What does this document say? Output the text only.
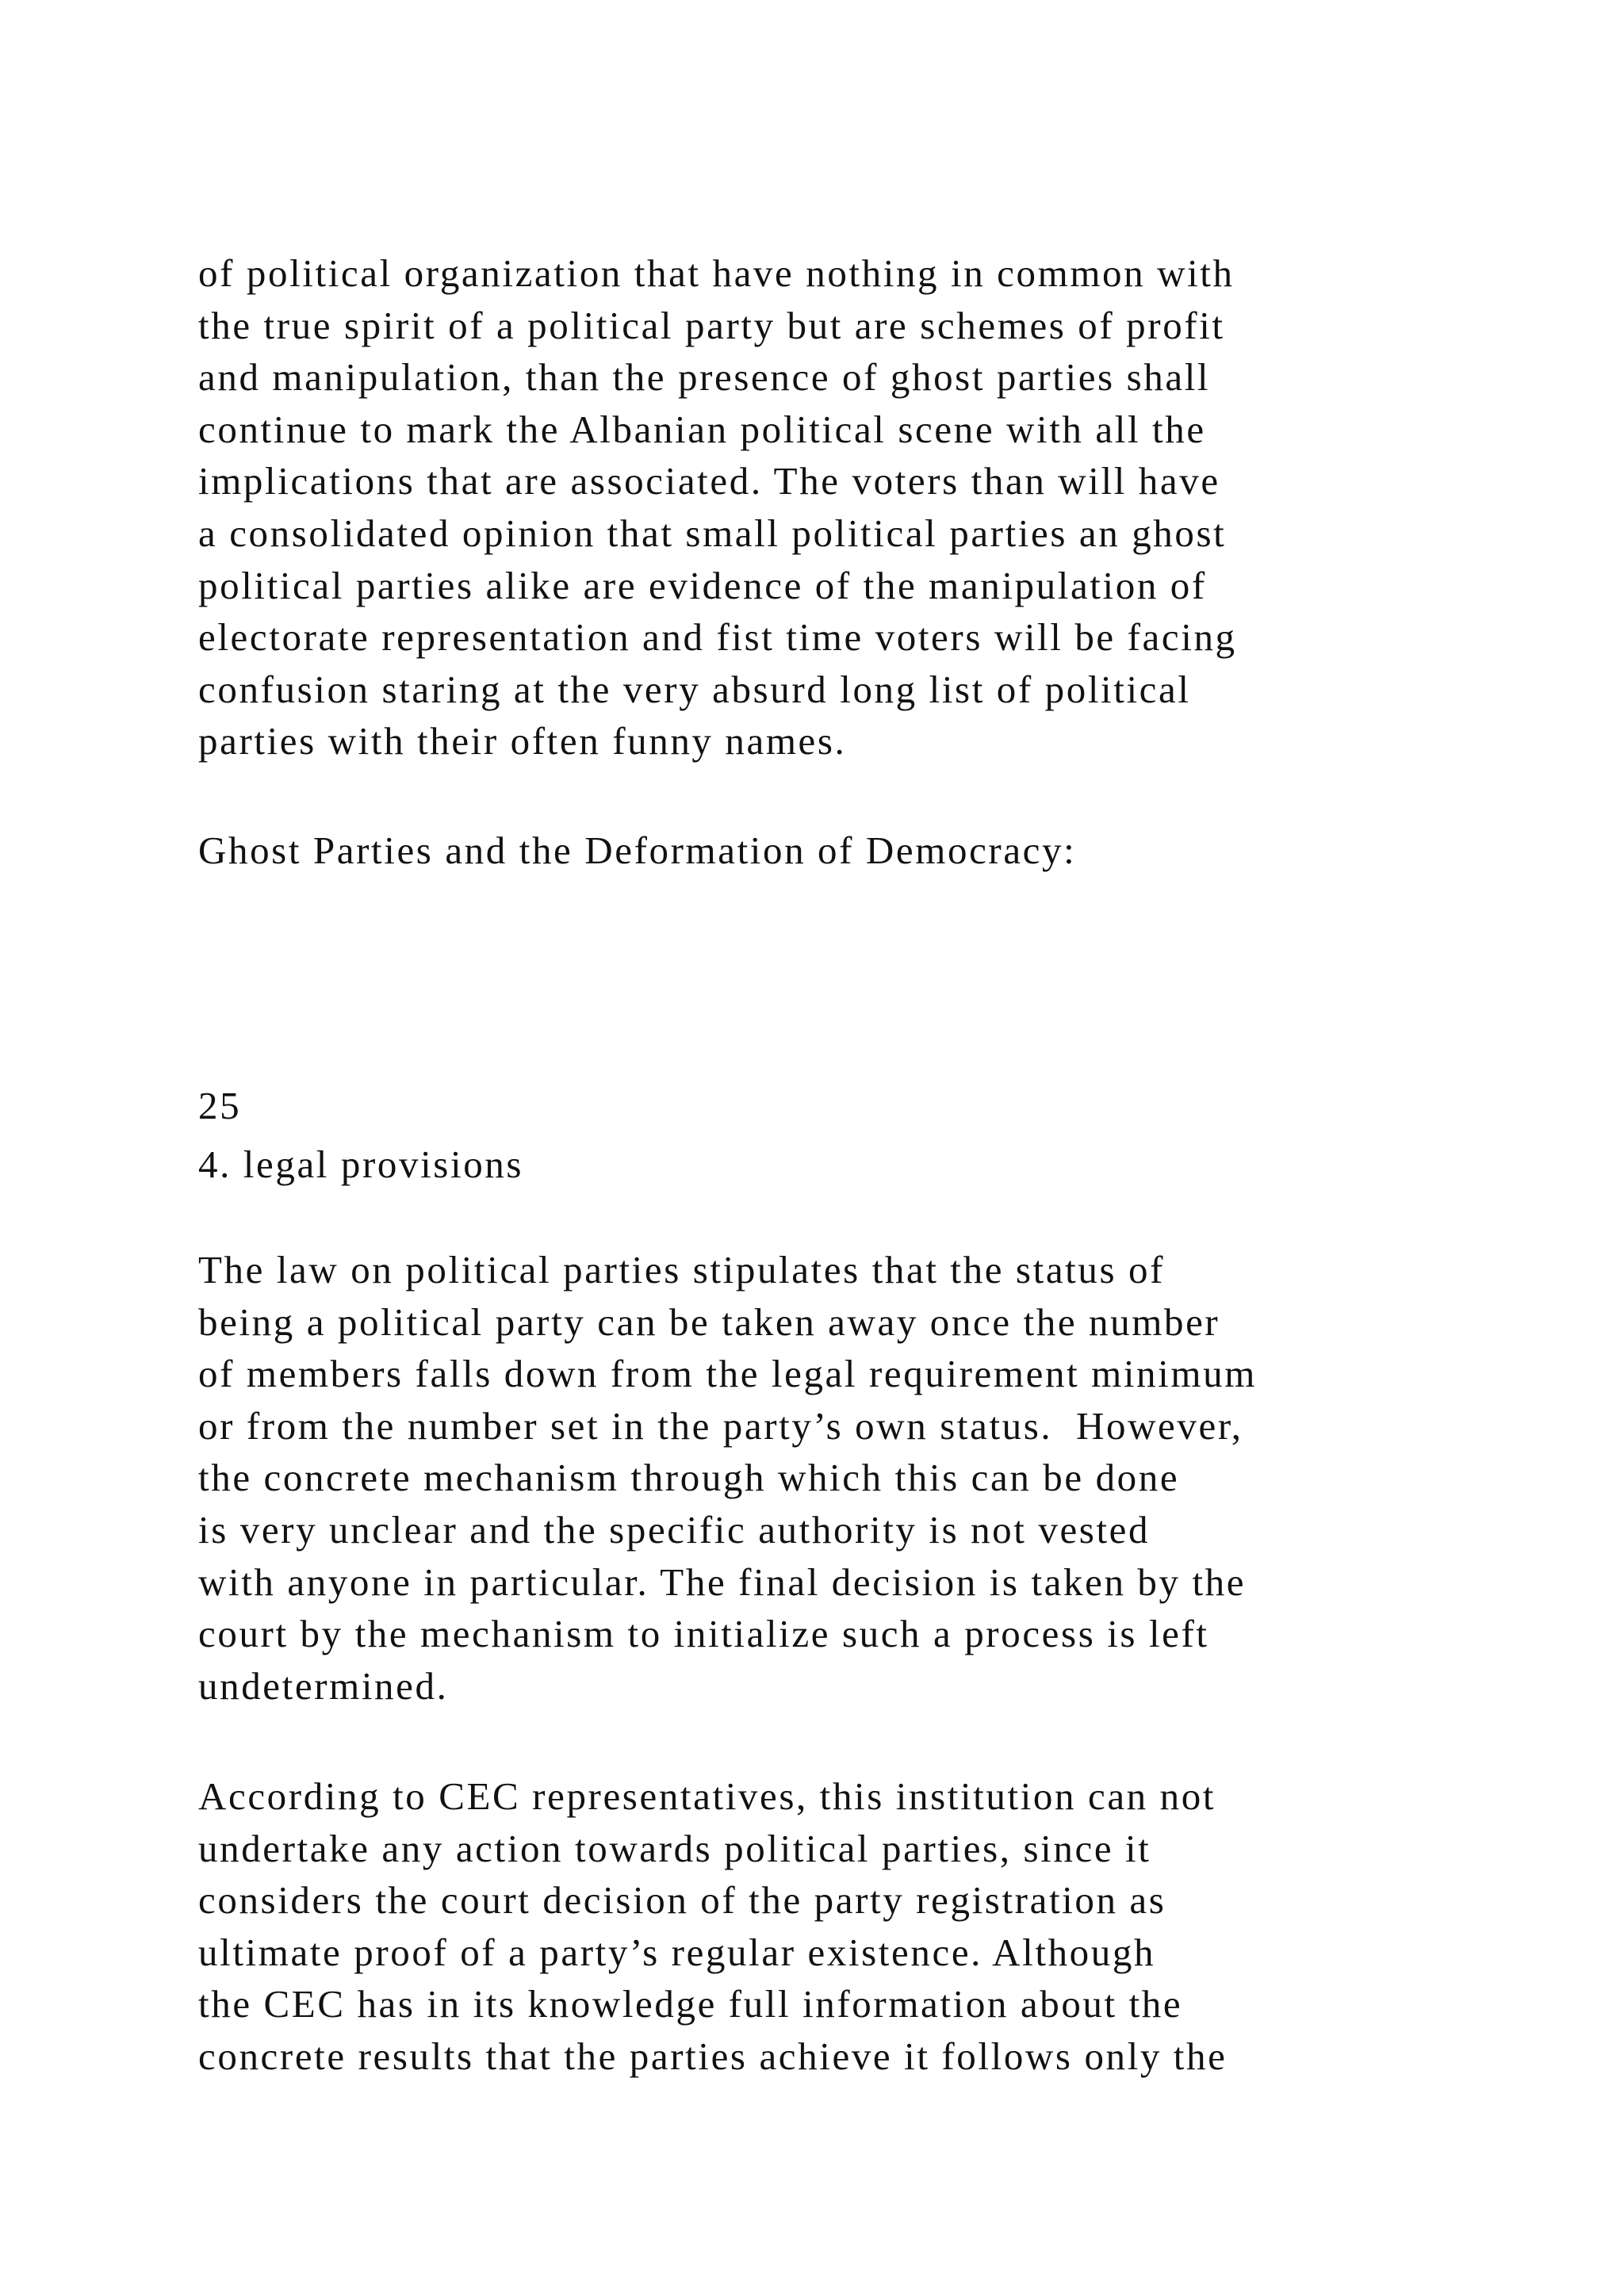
of political organization that have nothing in common with
the true spirit of a political party but are schemes of profit
and manipulation, than the presence of ghost parties shall
continue to mark the Albanian political scene with all the
implications that are associated. The voters than will have
a consolidated opinion that small political parties an ghost
political parties alike are evidence of the manipulation of
electorate representation and fist time voters will be facing
confusion staring at the very absurd long list of political
parties with their often funny names.

Ghost Parties and the Deformation of Democracy:

25

4. legal provisions

The law on political parties stipulates that the status of
being a political party can be taken away once the number
of members falls down from the legal requirement minimum
or from the number set in the party’s own status.  However,
the concrete mechanism through which this can be done
is very unclear and the specific authority is not vested
with anyone in particular. The final decision is taken by the
court by the mechanism to initialize such a process is left
undetermined.

According to CEC representatives, this institution can not
undertake any action towards political parties, since it
considers the court decision of the party registration as
ultimate proof of a party’s regular existence. Although
the CEC has in its knowledge full information about the
concrete results that the parties achieve it follows only the
